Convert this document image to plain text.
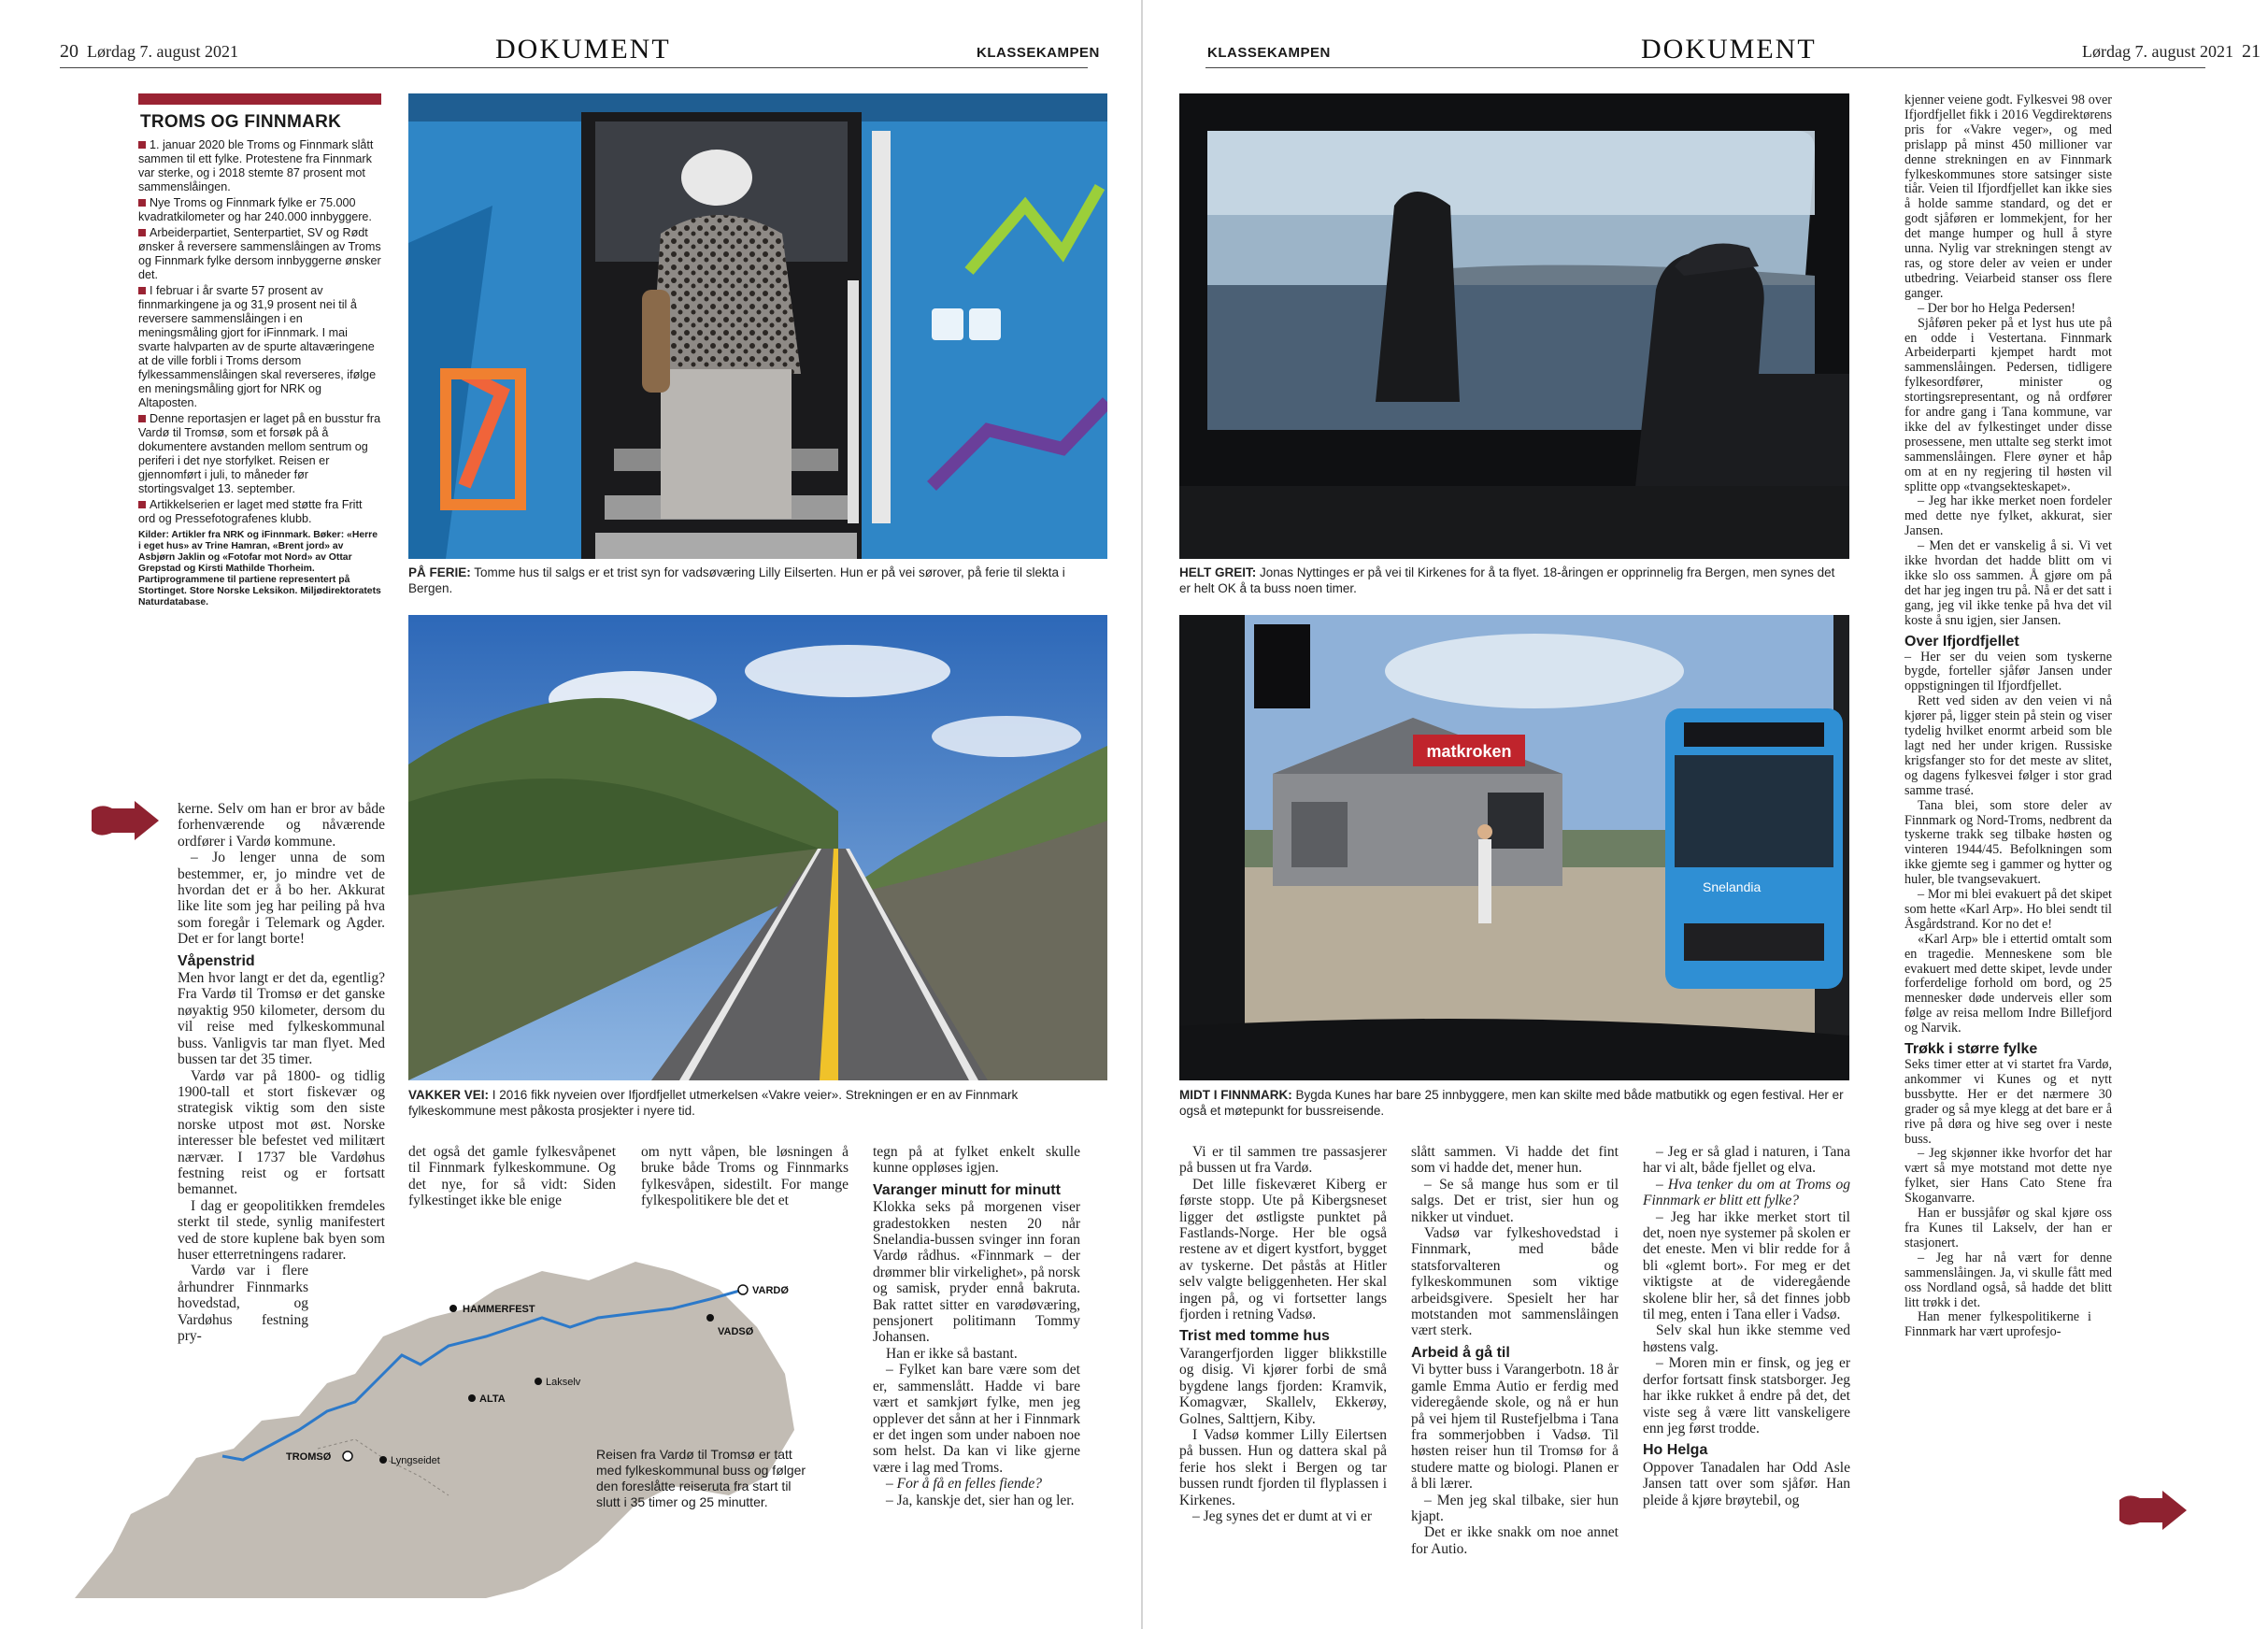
20 Lørdag 7. august 2021	DOKUMENT	KLASSEKAMPEN	KLASSEKAMPEN	DOKUMENT	Lørdag 7. august 2021 21
TROMS OG FINNMARK
1. januar 2020 ble Troms og Finnmark slått sammen til ett fylke. Protestene fra Finnmark var sterke, og i 2018 stemte 87 prosent mot sammenslåingen.
Nye Troms og Finnmark fylke er 75.000 kvadratkilometer og har 240.000 innbyggere.
Arbeiderpartiet, Senterpartiet, SV og Rødt ønsker å reversere sammenslåingen av Troms og Finnmark fylke dersom innbyggerne ønsker det.
I februar i år svarte 57 prosent av finnmarkingene ja og 31,9 prosent nei til å reversere sammenslåingen i en meningsmåling gjort for iFinnmark. I mai svarte halvparten av de spurte altaværingene at de ville forbli i Troms dersom fylkessammenslåingen skal reverseres, ifølge en meningsmåling gjort for NRK og Altaposten.
Denne reportasjen er laget på en busstur fra Vardø til Tromsø, som et forsøk på å dokumentere avstanden mellom sentrum og periferi i det nye storfylket. Reisen er gjennomført i juli, to måneder før stortingsvalget 13. september.
Artikkelserien er laget med støtte fra Fritt ord og Pressefotografenes klubb.
Kilder: Artikler fra NRK og iFinnmark. Bøker: «Herre i eget hus» av Trine Hamran, «Brent jord» av Asbjørn Jaklin og «Fotofar mot Nord» av Ottar Grepstad og Kirsti Mathilde Thorheim. Partiprogrammene til partiene representert på Stortinget. Store Norske Leksikon. Miljødirektoratets Naturdatabase.
PÅ FERIE: Tomme hus til salgs er et trist syn for vadsøværing Lilly Eilserten. Hun er på vei sørover, på ferie til slekta i Bergen.
VAKKER VEI: I 2016 fikk nyveien over Ifjordfjellet utmerkelsen «Vakre veier». Strekningen er en av Finnmark fylkeskommune mest påkosta prosjekter i nyere tid.
HELT GREIT: Jonas Nyttinges er på vei til Kirkenes for å ta flyet. 18-åringen er opprinnelig fra Bergen, men synes det er helt OK å ta buss noen timer.
matkroken
Snelandia
MIDT I FINNMARK: Bygda Kunes har bare 25 innbyggere, men kan skilte med både matbutikk og egen festival. Her er også et møtepunkt for bussreisende.

kerne. Selv om han er bror av både forhenværende og nåværende ordfører i Vardø kommune.

– Jo lenger unna de som bestemmer, er, jo mindre vet de hvordan det er å bo her. Akkurat like lite som jeg har peiling på hva som foregår i Telemark og Agder. Det er for langt borte!

Våpenstrid

Men hvor langt er det da, egentlig? Fra Vardø til Tromsø er det ganske nøyaktig 950 kilometer, dersom du vil reise med fylkeskommunal buss. Vanligvis tar man flyet. Med bussen tar det 35 timer.

Vardø var på 1800- og tidlig 1900-tall et stort fiskevær og strategisk viktig som den siste norske utpost mot øst. Norske interesser ble befestet ved militært nærvær. I 1737 ble Vardøhus festning reist og er fortsatt bemannet.

I dag er geopolitikken fremdeles sterkt til stede, synlig manifestert ved de store kuplene bak byen som huser etterretningens radarer.

Vardø var i flere århundrer Finnmarks hovedstad, og Vardøhus festning pry-

det også det gamle fylkesvåpenet til Finnmark fylkeskommune. Og det nye, for så vidt: Siden fylkestinget ikke ble enige

om nytt våpen, ble løsningen å bruke både Troms og Finnmarks fylkesvåpen, sidestilt. For mange fylkespolitikere ble det et

tegn på at fylket enkelt skulle kunne oppløses igjen.

Varanger minutt for minutt

Klokka seks på morgenen viser gradestokken nesten 20 når Snelandia-bussen svinger inn foran Vardø rådhus. «Finnmark – der drømmer blir virkelighet», på norsk og samisk, pryder ennå bakruta. Bak rattet sitter en varødøværing, pensjonert politimann Tommy Johansen.

Han er ikke så bastant.

– Fylket kan bare være som det er, sammenslått. Hadde vi bare vært et samkjørt fylke, men jeg opplever det sånn at her i Finnmark er det ingen som under naboen noe som helst. Da kan vi like gjerne være i lag med Troms.

– For å få en felles fiende?

– Ja, kanskje det, sier han og ler.

VARDØ
HAMMERFEST
VADSØ
Lakselv
ALTA
TROMSØ	Lyngseidet	Reisen fra Vardø til Tromsø er tatt med fylkeskommunal buss og følger den foreslåtte reiseruta fra start til slutt i 35 timer og 25 minutter.

Vi er til sammen tre passasjerer på bussen ut fra Vardø.

Det lille fiskeværet Kiberg er første stopp. Ute på Kibergsneset ligger det østligste punktet på Fastlands-Norge. Her ble også restene av et digert kystfort, bygget av tyskerne. Det påstås at Hitler selv valgte beliggenheten. Her skal ingen på, og vi fortsetter langs fjorden i retning Vadsø.

Trist med tomme hus

Varangerfjorden ligger blikkstille og disig. Vi kjører forbi de små bygdene langs fjorden: Kramvik, Komagvær, Skallelv, Ekkerøy, Golnes, Salttjern, Kiby.

I Vadsø kommer Lilly Eilertsen på bussen. Hun og dattera skal på ferie hos slekt i Bergen og tar bussen rundt fjorden til flyplassen i Kirkenes.

– Jeg synes det er dumt at vi er

slått sammen. Vi hadde det fint som vi hadde det, mener hun.

– Se så mange hus som er til salgs. Det er trist, sier hun og nikker ut vinduet.

Vadsø var fylkeshovedstad i Finnmark, med både statsforvalteren og fylkeskommunen som viktige arbeidsgivere. Spesielt her har motstanden mot sammenslåingen vært sterk.

Arbeid å gå til

Vi bytter buss i Varangerbotn. 18 år gamle Emma Autio er ferdig med videregående skole, og nå er hun på vei hjem til Rustefjelbma i Tana fra sommerjobben i Vadsø. Til høsten reiser hun til Tromsø for å studere matte og biologi. Planen er å bli lærer.

– Men jeg skal tilbake, sier hun kjapt.

Det er ikke snakk om noe annet for Autio.

– Jeg er så glad i naturen, i Tana har vi alt, både fjellet og elva.

– Hva tenker du om at Troms og Finnmark er blitt ett fylke?

– Jeg har ikke merket stort til det, noen nye systemer på skolen er det eneste. Men vi blir redde for å bli «glemt bort». For meg er det viktigste at de videregående skolene blir her, så det finnes jobb til meg, enten i Tana eller i Vadsø.

Selv skal hun ikke stemme ved høstens valg.

– Moren min er finsk, og jeg er derfor fortsatt finsk statsborger. Jeg har ikke rukket å endre på det, det viste seg å være litt vanskeligere enn jeg først trodde.

Ho Helga

Oppover Tanadalen har Odd Asle Jansen tatt over som sjåfør. Han pleide å kjøre brøytebil, og

kjenner veiene godt. Fylkesvei 98 over Ifjordfjellet fikk i 2016 Vegdirektørens pris for «Vakre veger», og med prislapp på minst 450 millioner var denne strekningen en av Finnmark fylkeskommunes store satsinger siste tiår. Veien til Ifjordfjellet kan ikke sies å holde samme standard, og det er godt sjåføren er lommekjent, for her det mange humper og hull å styre unna. Nylig var strekningen stengt av ras, og store deler av veien er under utbedring. Veiarbeid stanser oss flere ganger.

– Der bor ho Helga Pedersen!

Sjåføren peker på et lyst hus ute på en odde i Vestertana. Finnmark Arbeiderparti kjempet hardt mot sammenslåingen. Pedersen, tidligere fylkesordfører, minister og stortingsrepresentant, og nå ordfører for andre gang i Tana kommune, var ikke del av fylkestinget under disse prosessene, men uttalte seg sterkt imot sammenslåingen. Flere øyner et håp om at en ny regjering til høsten vil splitte opp «tvangsekteskapet».

– Jeg har ikke merket noen fordeler med dette nye fylket, akkurat, sier Jansen.

– Men det er vanskelig å si. Vi vet ikke hvordan det hadde blitt om vi ikke slo oss sammen. Å gjøre om på det har jeg ingen tru på. Nå er det satt i gang, jeg vil ikke tenke på hva det vil koste å snu igjen, sier Jansen.

Over Ifjordfjellet

– Her ser du veien som tyskerne bygde, forteller sjåfør Jansen under oppstigningen til Ifjordfjellet.

Rett ved siden av den veien vi nå kjører på, ligger stein på stein og viser tydelig hvilket enormt arbeid som ble lagt ned her under krigen. Russiske krigsfanger sto for det meste av slitet, og dagens fylkesvei følger i stor grad samme trasé.

Tana blei, som store deler av Finnmark og Nord-Troms, nedbrent da tyskerne trakk seg tilbake høsten og vinteren 1944/45. Befolkningen som ikke gjemte seg i gammer og hytter og huler, ble tvangsevakuert.

– Mor mi blei evakuert på det skipet som hette «Karl Arp». Ho blei sendt til Åsgårdstrand. Kor no det e!

«Karl Arp» ble i ettertid omtalt som en tragedie. Menneskene som ble evakuert med dette skipet, levde under forferdelige forhold om bord, og 25 mennesker døde underveis eller som følge av reisa mellom Indre Billefjord og Narvik.

Trøkk i større fylke

Seks timer etter at vi startet fra Vardø, ankommer vi Kunes og et nytt bussbytte. Her er det nærmere 30 grader og så mye klegg at det bare er å rive på døra og hive seg over i neste buss.

– Jeg skjønner ikke hvorfor det har vært så mye motstand mot dette nye fylket, sier Hans Cato Stene fra Skoganvarre.

Han er bussjåfør og skal kjøre oss fra Kunes til Lakselv, der han er stasjonert.

– Jeg har nå vært for denne sammenslåingen. Ja, vi skulle fått med oss Nordland også, så hadde det blitt litt trøkk i det.

Han mener fylkespolitikerne i Finnmark har vært uprofesjo-
